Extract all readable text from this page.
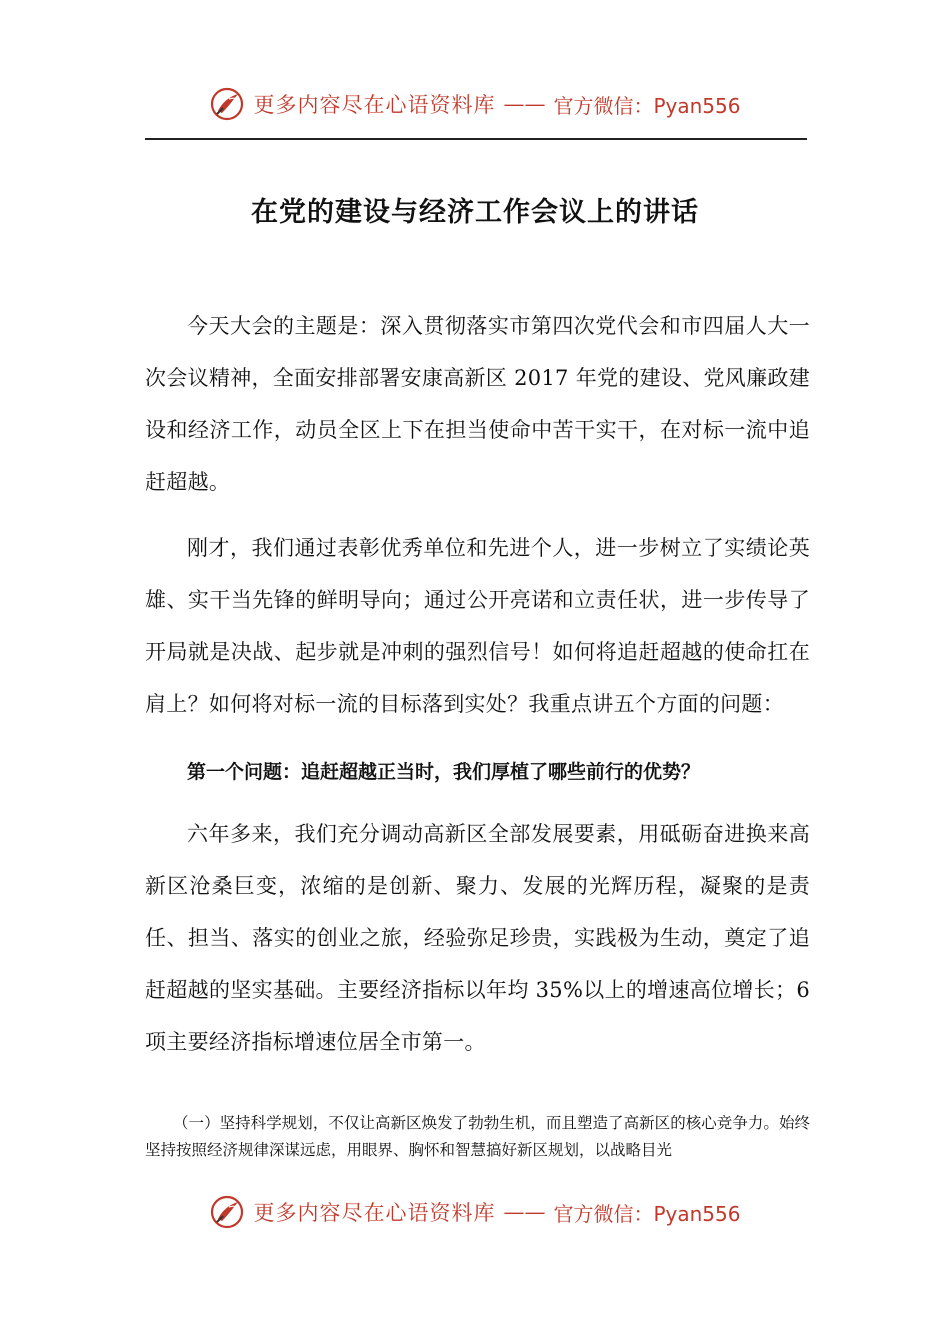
更多内容尽在心语资料库 —— 官方微信：Pyan556
在党的建设与经济工作会议上的讲话

今天大会的主题是：深入贯彻落实市第四次党代会和市四届人大一次会议精神，全面安排部署安康高新区 2017 年党的建设、党风廉政建设和经济工作，动员全区上下在担当使命中苦干实干，在对标一流中追赶超越。

刚才，我们通过表彰优秀单位和先进个人，进一步树立了实绩论英雄、实干当先锋的鲜明导向；通过公开亮诺和立责任状，进一步传导了开局就是决战、起步就是冲刺的强烈信号！如何将追赶超越的使命扛在肩上？如何将对标一流的目标落到实处？我重点讲五个方面的问题：

第一个问题：追赶超越正当时，我们厚植了哪些前行的优势？

六年多来，我们充分调动高新区全部发展要素，用砥砺奋进换来高新区沧桑巨变，浓缩的是创新、聚力、发展的光辉历程，凝聚的是责任、担当、落实的创业之旅，经验弥足珍贵，实践极为生动，奠定了追赶超越的坚实基础。主要经济指标以年均 35%以上的增速高位增长；6 项主要经济指标增速位居全市第一。

（一）坚持科学规划，不仅让高新区焕发了勃勃生机，而且塑造了高新区的核心竞争力。始终坚持按照经济规律深谋远虑，用眼界、胸怀和智慧搞好新区规划，以战略目光

更多内容尽在心语资料库 —— 官方微信：Pyan556
